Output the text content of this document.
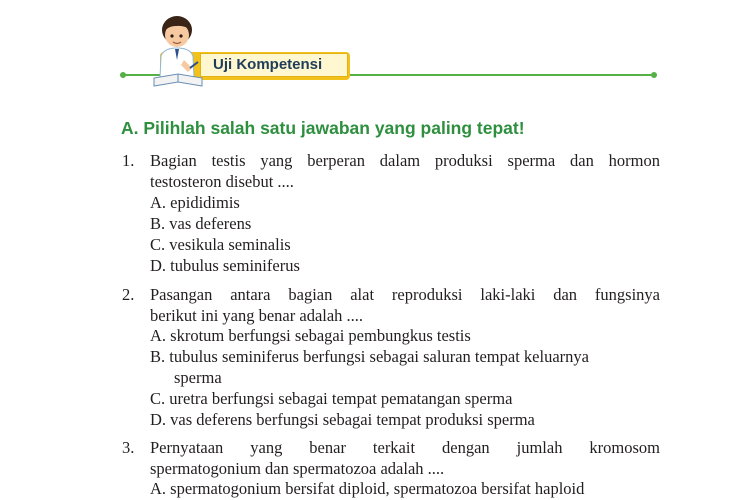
Uji Kompetensi
A. Pilihlah salah satu jawaban yang paling tepat!
1. Bagian testis yang berperan dalam produksi sperma dan hormon
testosteron disebut ....
A. epididimis
B. vas deferens
C. vesikula seminalis
D. tubulus seminiferus
2. Pasangan antara bagian alat reproduksi laki-laki dan fungsinya
berikut ini yang benar adalah ....
A. skrotum berfungsi sebagai pembungkus testis
B. tubulus seminiferus berfungsi sebagai saluran tempat keluarnya
sperma
C. uretra berfungsi sebagai tempat pematangan sperma
D. vas deferens berfungsi sebagai tempat produksi sperma
3. Pernyataan yang benar terkait dengan jumlah kromosom
spermatogonium dan spermatozoa adalah ....
A. spermatogonium bersifat diploid, spermatozoa bersifat haploid
